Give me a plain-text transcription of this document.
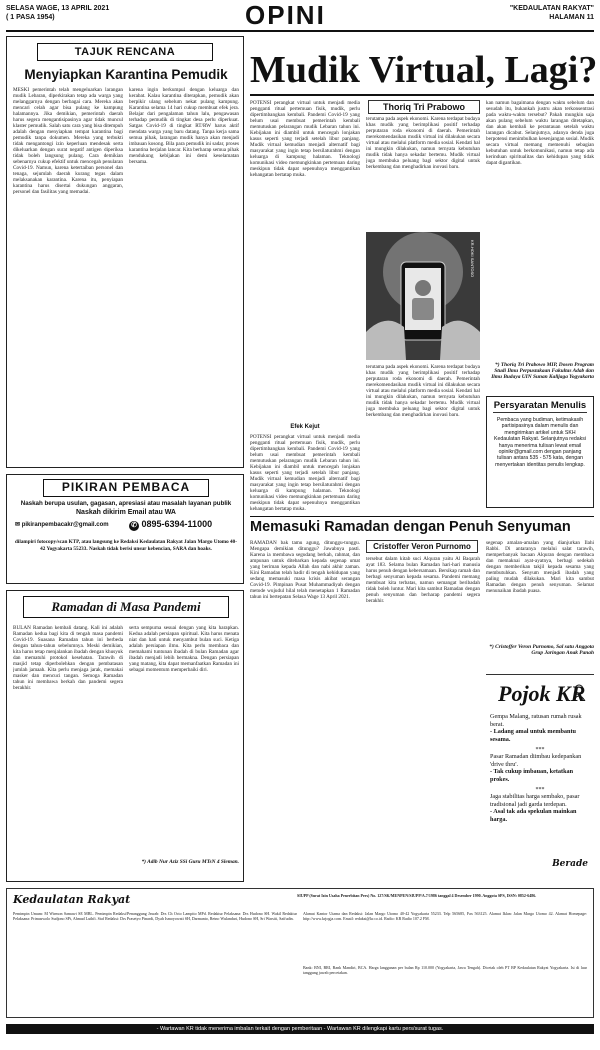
SELASA WAGE, 13 APRIL 2021
( 1 PASA 1954)	OPINI	"KEDAULATAN RAKYAT"
HALAMAN 11
TAJUK RENCANA
Menyiapkan Karantina Pemudik
MESKI pemerintah telah mengeluarkan larangan mudik Lebaran, diperkirakan tetap ada warga yang melanggarnya dengan berbagai cara. Mereka akan mencari celah agar bisa pulang ke kampung halamannya. Jika demikian, pemerintah daerah harus segera mengantisipasinya agar tidak muncul klaster pemudik. Salah satu cara yang bisa ditempuh adalah dengan menyiapkan tempat karantina bagi pemudik tanpa dokumen. Mereka yang terbukti tidak mengantongi izin keperluan mendesak serta dikeluarkan dengan surat negatif antigen diperiksa tidak boleh langsung pulang. Cara demikian sebenarnya cukup efektif untuk mencegah penularan Covid-19. Namun, karena ketertaiban personel dan tenaga, sejumlah daerah kurang tegas dalam melaksanakan karantina. Karena itu, penyiapan karantina harus disertai dukungan anggaran, personel dan fasilitas yang memadai.
karena ingin berkumpul dengan keluarga dan kerabat. Kalau karantina diterapkan, pemudik akan berpikir ulang sebelum nekat pulang kampung. Karantina selama 14 hari cukup membuat efek jera. Belajar dari pengalaman tahun lalu, pengawasan terhadap pemudik di tingkat desa perlu diperkuat. Satgas Covid-19 di tingkat RT/RW harus aktif mendata warga yang baru datang. Tanpa kerja sama semua pihak, larangan mudik hanya akan menjadi imbauan kosong. Bila para pemudik ini sadar, proses karantina berjalan lancar. Kita berharap semua pihak mendukung kebijakan ini demi keselamatan bersama.
PIKIRAN PEMBACA
Naskah berupa usulan, gagasan, apresiasi atau masalah layanan publik
Naskah dikirim Email atau WA
✉ pikiranpembacakr@gmail.com	✆ 0895-6394-11000
dilampiri fotocopy/scan KTP, atau langsung ke Redaksi Kedaulatan Rakyat Jalan Margo Utomo 40-42 Yogyakarta 55233. Naskah tidak berisi unsur kebencian, SARA dan hoaks.
Ramadan di Masa Pandemi
BULAN Ramadan kembali datang. Kali ini adalah Ramadan kedua bagi kita di tengah masa pandemi Covid-19. Suasana Ramadan tahun ini berbeda dengan tahun-tahun sebelumnya. Meski demikian, kita harus tetap menjalankan ibadah dengan khusyuk dan mematuhi protokol kesehatan. Tarawih di masjid tetap diperbolehkan dengan pembatasan jumlah jamaah. Kita perlu menjaga jarak, memakai masker dan mencuci tangan. Semoga Ramadan tahun ini membawa berkah dan pandemi segera berakhir.
serta sempurna sesuai dengan yang kita harapkan. Kedua adalah persiapan spiritual. Kita harus menata niat dan hati untuk menyambut bulan suci. Ketiga adalah persiapan ilmu. Kita perlu membaca dan memahami tuntunan ibadah di bulan Ramadan agar ibadah menjadi lebih bermakna. Dengan persiapan yang matang, kita dapat memanfaatkan Ramadan ini sebagai momentum memperbaiki diri.
*) Adib Nur Aziz SSi Guru MTsN 4 Sleman.
Mudik Virtual, Lagi?
POTENSI perangkat virtual untuk menjadi media pengganti ritual pertemuan fisik, mudik, perlu dipertimbangkan kembali. Pandemi Covid-19 yang belum usai membuat pemerintah kembali memutuskan pelarangan mudik Lebaran tahun ini. Kebijakan ini diambil untuk mencegah lonjakan kasus seperti yang terjadi setelah libur panjang. Mudik virtual kemudian menjadi alternatif bagi masyarakat yang ingin tetap bersilaturahmi dengan keluarga di kampung halaman. Teknologi komunikasi video memungkinkan pertemuan daring meskipun tidak dapat sepenuhnya menggantikan kehangatan bertatap muka.
Thoriq Tri Prabowo
terutama pada aspek ekonomi. Karena terdapat budaya khas mudik yang berimplikasi positif terhadap perputaran roda ekonomi di daerah. Pemerintah merekomendasikan mudik virtual ini dilakukan secara virtual atau melalui platform media sosial. Kendati hal ini mungkin dilakukan, namun ternyata kebutuhan mudik tidak hanya sekadar bertemu. Mudik virtual juga membuka peluang bagi sektor digital untuk berkembang dan menghadirkan inovasi baru.
kan namun bagaimana dengan waktu sebelum dan sesudah itu, bukankah justru akan terkonsentrasi pada waktu-waktu tersebut? Pakah mungkin saja akan pulang sebelum waktu larangan ditetapkan, dan akan kembali ke perantauan setelah waktu larangan dicabut. Selanjutnya, adanya denda juga berpotensi menimbulkan kesenjangan sosial. Mudik secara virtual memang memenuhi sebagian kebutuhan untuk berkomunikasi, namun tetap ada kerinduan spiritualitas dan kehidupan yang tidak dapat digantikan.
KR-HOKI SANTOSO
terutama pada aspek ekonomi. Karena terdapat budaya khas mudik yang berimplikasi positif terhadap perputaran roda ekonomi di daerah. Pemerintah merekomendasikan mudik virtual ini dilakukan secara virtual atau melalui platform media sosial. Kendati hal ini mungkin dilakukan, namun ternyata kebutuhan mudik tidak hanya sekadar bertemu. Mudik virtual juga membuka peluang bagi sektor digital untuk berkembang dan menghadirkan inovasi baru.
Efek Kejut
POTENSI perangkat virtual untuk menjadi media pengganti ritual pertemuan fisik, mudik, perlu dipertimbangkan kembali. Pandemi Covid-19 yang belum usai membuat pemerintah kembali memutuskan pelarangan mudik Lebaran tahun ini. Kebijakan ini diambil untuk mencegah lonjakan kasus seperti yang terjadi setelah libur panjang. Mudik virtual kemudian menjadi alternatif bagi masyarakat yang ingin tetap bersilaturahmi dengan keluarga di kampung halaman. Teknologi komunikasi video memungkinkan pertemuan daring meskipun tidak dapat sepenuhnya menggantikan kehangatan bertatap muka.
*) Thoriq Tri Prabowo MIP, Dosen Program Studi Ilmu Perpustakaan Fakultas Adab dan Ilmu Budaya UIN Sunan Kalijaga Yogyakarta
Persyaratan Menulis
Pembaca yang budiman, ketimakasih partisipasinya dalam menulis dan mengirimkan artikel untuk SKH Kedaulatan Rakyat. Selanjutnya redaksi hanya menerima tulisan lewat email opinikr@gmail.com dengan panjang tulisan antara 535 - 575 kata, dengan menyertakan identitas penulis lengkap.
Memasuki Ramadan dengan Penuh Senyuman
RAMADAN bak tamu agung, ditunggu-tunggu. Mengapa demikian ditunggu? Jawabnya pasti. Karena ia membawa segudang berkah, rahmat, dan ampunan untuk ditebarkan kepada segenap umat yang beriman kepada Allah dan nabi akhir zaman. Kini Ramadan telah hadir di tengah kehidupan yang sedang memasuki masa krisis akibat serangan Covid-19. Pimpinan Pusat Muhammadiyah dengan metode wujudul hilal telah menetapkan 1 Ramadan tahun ini bertepatan Selasa Wage 13 April 2021.
Cristoffer Veron Purnomo
tersebut dalam kitab suci Alquran yaitu Al Baqarah ayat 183. Selama bulan Ramadan hari-hari manusia harus penuh dengan kebersamaan. Bersikap ramah dan berbagi senyuman kepada sesama. Pandemi memang membuat kita terbatas, namun semangat beribadah tidak boleh luntur. Mari kita sambut Ramadan dengan penuh senyuman dan berharap pandemi segera berakhir.
segenap amalan-amalan yang dianjurkan Ilahi Rabbi. Di antaranya melalui salat tarawih, memperbanyak bacaan Alquran dengan membaca dan memaknai ayat-ayatnya, berbagi sedekah dengan memberikan takjil kepada sesama yang membutuhkan. Senyum menjadi ibadah yang paling mudah dilakukan. Mari kita sambut Ramadan dengan penuh senyuman. Selamat menunaikan ibadah puasa.
*) Cristoffer Veron Purnomo, Sal satu Anggota Grup Jaringan Anak Panah
Pojok KR
Gempa Malang, ratusan rumah rusak berat.
- Ladang amal untuk membantu sesama.
***
Pasar Ramadan diimbau kedepankan 'drive thru'.
- Tak cukup imbauan, ketatkan prokes.
***
Jaga stabilitas harga sembako, pasar tradisional jadi garda terdepan.
- Asal tak ada spekulan mainkan harga.
Berade
Kedaulatan Rakyat	SIUPP (Surat Izin Usaha Penerbitan Pers) No. 127/SK/MENPEN/SIUPP/A.7/1986 tanggal 4 Desember 1990. Anggota SPS, ISSN: 0852-6486.
Pemimpin Umum: M Wirmon Samawi SE MBL. Pemimpin Redaksi/Penanggung Jawab: Drs Ch Octo Lampito MPd. Redaktur Pelaksana: Drs Hudono SH. Wakil Redaktur Pelaksana: Primaswolo Sudjono SPt, Ahmad Luthfi. Staf Redaksi: Drs Prasetyo Pinardi, Dyah Ismoyowati SH, Darmanto, Retno Wulandari, Hudono SH, Sri Warsiti, Saifudin.
Alamat Kantor Utama dan Redaksi: Jalan Margo Utomo 40-42 Yogyakarta 55233. Telp 565685, Fax 563125. Alamat Iklan: Jalan Margo Utomo 42. Alamat Homepage: http://www.krjogja.com. Email: redaksi@kr.co.id. Radio: KR Radio 107.2 FM.
Bank: BNI, BRI, Bank Mandiri, BCA. Harga langganan per bulan Rp 110.000 (Yogyakarta, Jawa Tengah). Dicetak oleh PT BP Kedaulatan Rakyat Yogyakarta. Isi di luar tanggung jawab percetakan.
- Wartawan KR tidak menerima imbalan terkait dengan pemberitaan - Wartawan KR dilengkapi kartu pers/surat tugas.
